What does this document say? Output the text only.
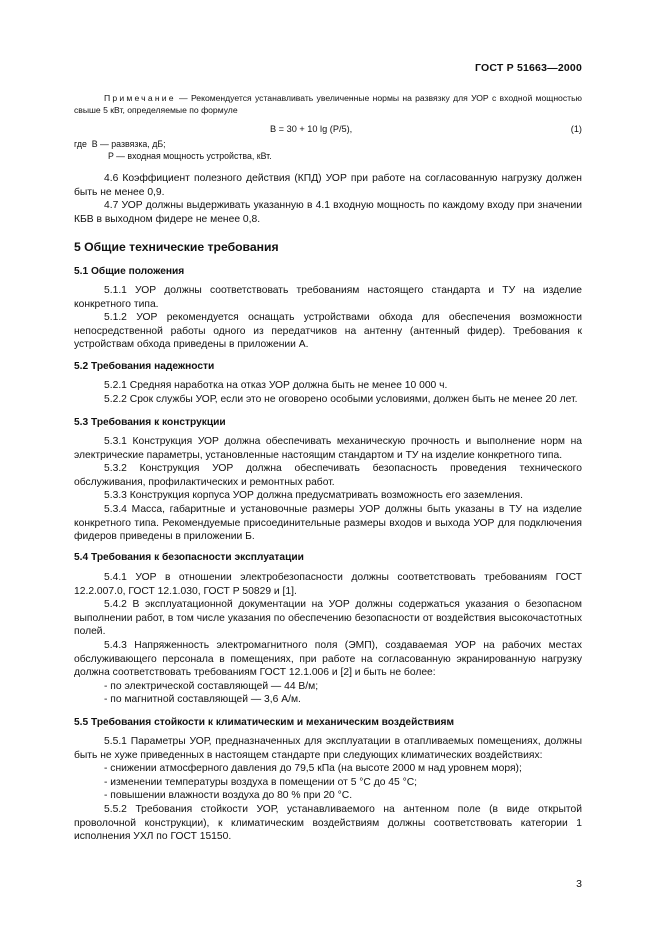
ГОСТ Р 51663—2000

Примечание — Рекомендуется устанавливать увеличенные нормы на развязку для УОР с входной мощностью свыше 5 кВт, определяемые по формуле

B = 30 + 10 lg (P/5),	(1)
где B — развязка, дБ;
P — входная мощность устройства, кВт.

4.6 Коэффициент полезного действия (КПД) УОР при работе на согласованную нагрузку должен быть не менее 0,9.

4.7 УОР должны выдерживать указанную в 4.1 входную мощность по каждому входу при значении КБВ в выходном фидере не менее 0,8.

5 Общие технические требования
5.1 Общие положения

5.1.1 УОР должны соответствовать требованиям настоящего стандарта и ТУ на изделие конкретного типа.

5.1.2 УОР рекомендуется оснащать устройствами обхода для обеспечения возможности непосредственной работы одного из передатчиков на антенну (антенный фидер). Требования к устройствам обхода приведены в приложении А.

5.2 Требования надежности

5.2.1 Средняя наработка на отказ УОР должна быть не менее 10 000 ч.

5.2.2 Срок службы УОР, если это не оговорено особыми условиями, должен быть не менее 20 лет.

5.3 Требования к конструкции

5.3.1 Конструкция УОР должна обеспечивать механическую прочность и выполнение норм на электрические параметры, установленные настоящим стандартом и ТУ на изделие конкретного типа.

5.3.2 Конструкция УОР должна обеспечивать безопасность проведения технического обслуживания, профилактических и ремонтных работ.

5.3.3 Конструкция корпуса УОР должна предусматривать возможность его заземления.

5.3.4 Масса, габаритные и установочные размеры УОР должны быть указаны в ТУ на изделие конкретного типа. Рекомендуемые присоединительные размеры входов и выхода УОР для подключения фидеров приведены в приложении Б.

5.4 Требования к безопасности эксплуатации

5.4.1 УОР в отношении электробезопасности должны соответствовать требованиям ГОСТ 12.2.007.0, ГОСТ 12.1.030, ГОСТ Р 50829 и [1].

5.4.2 В эксплуатационной документации на УОР должны содержаться указания о безопасном выполнении работ, в том числе указания по обеспечению безопасности от воздействия высокочастотных полей.

5.4.3 Напряженность электромагнитного поля (ЭМП), создаваемая УОР на рабочих местах обслуживающего персонала в помещениях, при работе на согласованную экранированную нагрузку должна соответствовать требованиям ГОСТ 12.1.006 и [2] и быть не более:

- по электрической составляющей — 44 В/м;

- по магнитной составляющей — 3,6 А/м.

5.5 Требования стойкости к климатическим и механическим воздействиям

5.5.1 Параметры УОР, предназначенных для эксплуатации в отапливаемых помещениях, должны быть не хуже приведенных в настоящем стандарте при следующих климатических воздействиях:

- снижении атмосферного давления до 79,5 кПа (на высоте 2000 м над уровнем моря);

- изменении температуры воздуха в помещении от 5 °С до 45 °С;

- повышении влажности воздуха до 80 % при 20 °С.

5.5.2 Требования стойкости УОР, устанавливаемого на антенном поле (в виде открытой проволочной конструкции), к климатическим воздействиям должны соответствовать категории 1 исполнения УХЛ по ГОСТ 15150.

3
